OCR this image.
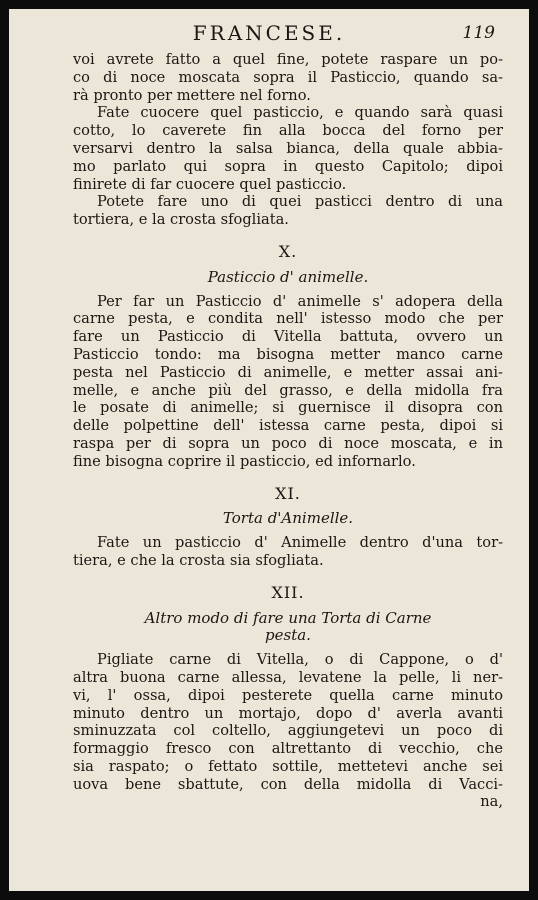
FRANCESE.	119
voi avrete fatto a quel fine, potete raspare un po-
co di noce moscata sopra il Pasticcio, quando sa-
rà pronto per mettere nel forno.
Fate cuocere quel pasticcio, e quando sarà quasi
cotto, lo caverete fin alla bocca del forno per
versarvi dentro la salsa bianca, della quale abbia-
mo parlato qui sopra in questo Capitolo; dipoi
finirete di far cuocere quel pasticcio.
Potete fare uno di quei pasticci dentro di una
tortiera, e la crosta sfogliata.
X.
Pasticcio d' animelle.
Per far un Pasticcio d' animelle s' adopera della
carne pesta, e condita nell' istesso modo che per
fare un Pasticcio di Vitella battuta, ovvero un
Pasticcio tondo: ma bisogna metter manco carne
pesta nel Pasticcio di animelle, e metter assai ani-
melle, e anche più del grasso, e della midolla fra
le posate di animelle; si guernisce il disopra con
delle polpettine dell' istessa carne pesta, dipoi si
raspa per di sopra un poco di noce moscata, e in
fine bisogna coprire il pasticcio, ed infornarlo.
XI.
Torta d'Animelle.
Fate un pasticcio d' Animelle dentro d'una tor-
tiera, e che la crosta sia sfogliata.
XII.
Altro modo di fare una Torta di Carne
pesta.
Pigliate carne di Vitella, o di Cappone, o d'
altra buona carne allessa, levatene la pelle, li ner-
vi, l' ossa, dipoi pesterete quella carne minuto
minuto dentro un mortajo, dopo d' averla avanti
sminuzzata col coltello, aggiungetevi un poco di
formaggio fresco con altrettanto di vecchio, che
sia raspato; o fettato sottile, mettetevi anche sei
uova bene sbattute, con della midolla di Vacci-
na,
